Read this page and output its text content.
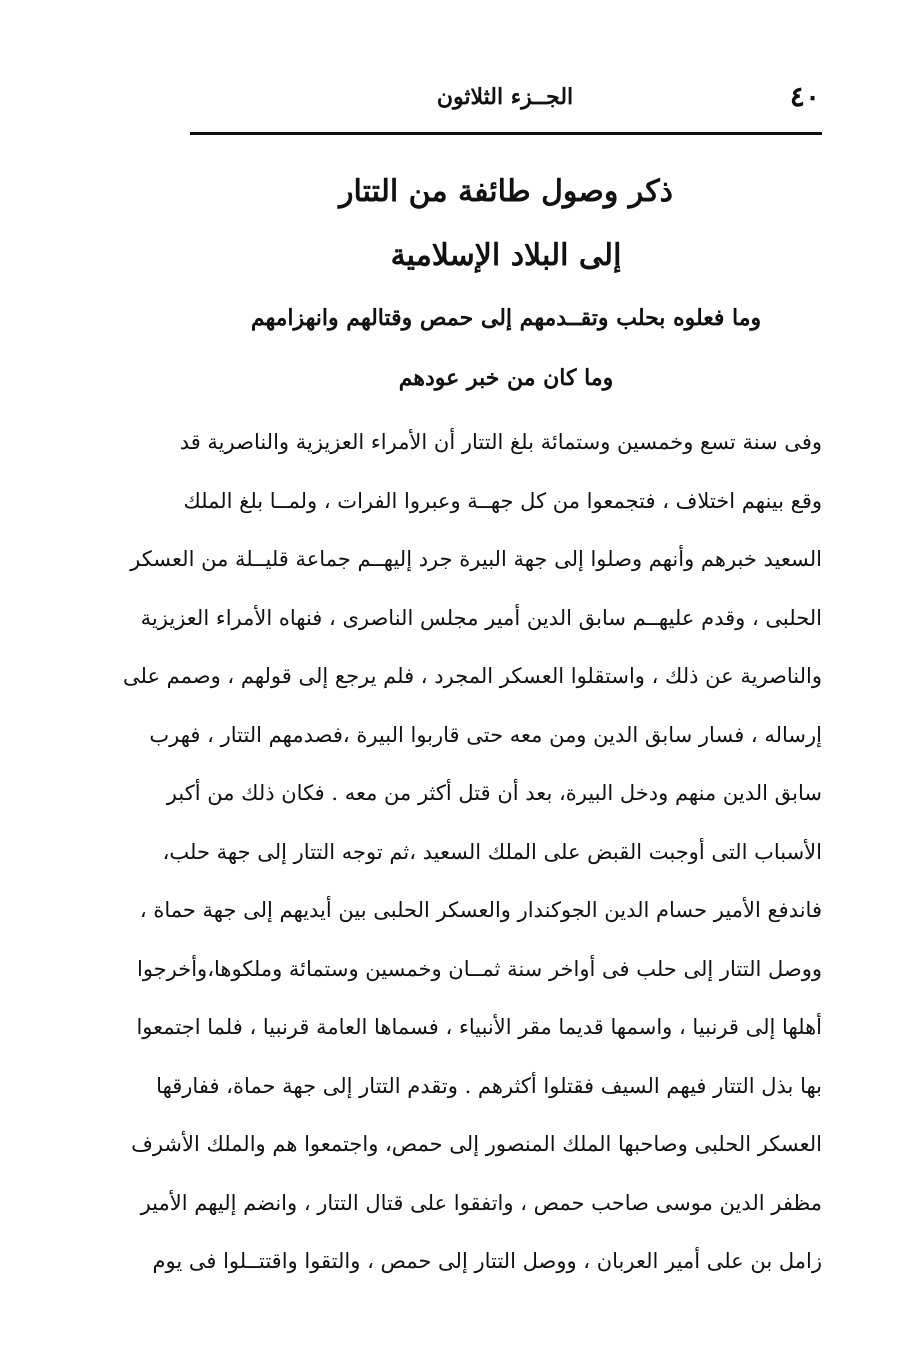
٤٠
الجــزء الثلاثون
ذكر وصول طائفة من التتار
إلى البلاد الإسلامية
وما فعلوه بحلب وتقــدمهم إلى حمص وقتالهم وانهزامهم
وما كان من خبر عودهم
وفى سنة تسع وخمسين وستمائة بلغ التتار أن الأمراء العزيزية والناصرية قد
وقع بينهم اختلاف ، فتجمعوا من كل جهــة وعبروا الفرات ، ولمــا بلغ الملك
السعيد خبرهم وأنهم وصلوا إلى جهة البيرة جرد إليهــم جماعة قليــلة من العسكر
الحلبى ، وقدم عليهــم سابق الدين أمير مجلس الناصرى ، فنهاه الأمراء العزيزية
والناصرية عن ذلك ، واستقلوا العسكر المجرد ، فلم يرجع إلى قولهم ، وصمم على
إرساله ، فسار سابق الدين ومن معه حتى قاربوا البيرة ،فصدمهم التتار ، فهرب
سابق الدين منهم ودخل البيرة، بعد أن قتل أكثر من معه . فكان ذلك من أكبر
الأسباب التى أوجبت القبض على الملك السعيد ،ثم توجه التتار إلى جهة حلب،
فاندفع الأمير حسام الدين الجوكندار والعسكر الحلبى بين أيديهم إلى جهة حماة ،
ووصل التتار إلى حلب فى أواخر سنة ثمــان وخمسين وستمائة وملكوها،وأخرجوا
أهلها إلى قرنبيا ، واسمها قديما مقر الأنبياء ، فسماها العامة قرنبيا ، فلما اجتمعوا
بها بذل التتار فيهم السيف فقتلوا أكثرهم . وتقدم التتار إلى جهة حماة، ففارقها
العسكر الحلبى وصاحبها الملك المنصور إلى حمص، واجتمعوا هم والملك الأشرف
مظفر الدين موسى صاحب حمص ، واتفقوا على قتال التتار ، وانضم إليهم الأمير
زامل بن على أمير العربان ، ووصل التتار إلى حمص ، والتقوا واقتتــلوا فى يوم
